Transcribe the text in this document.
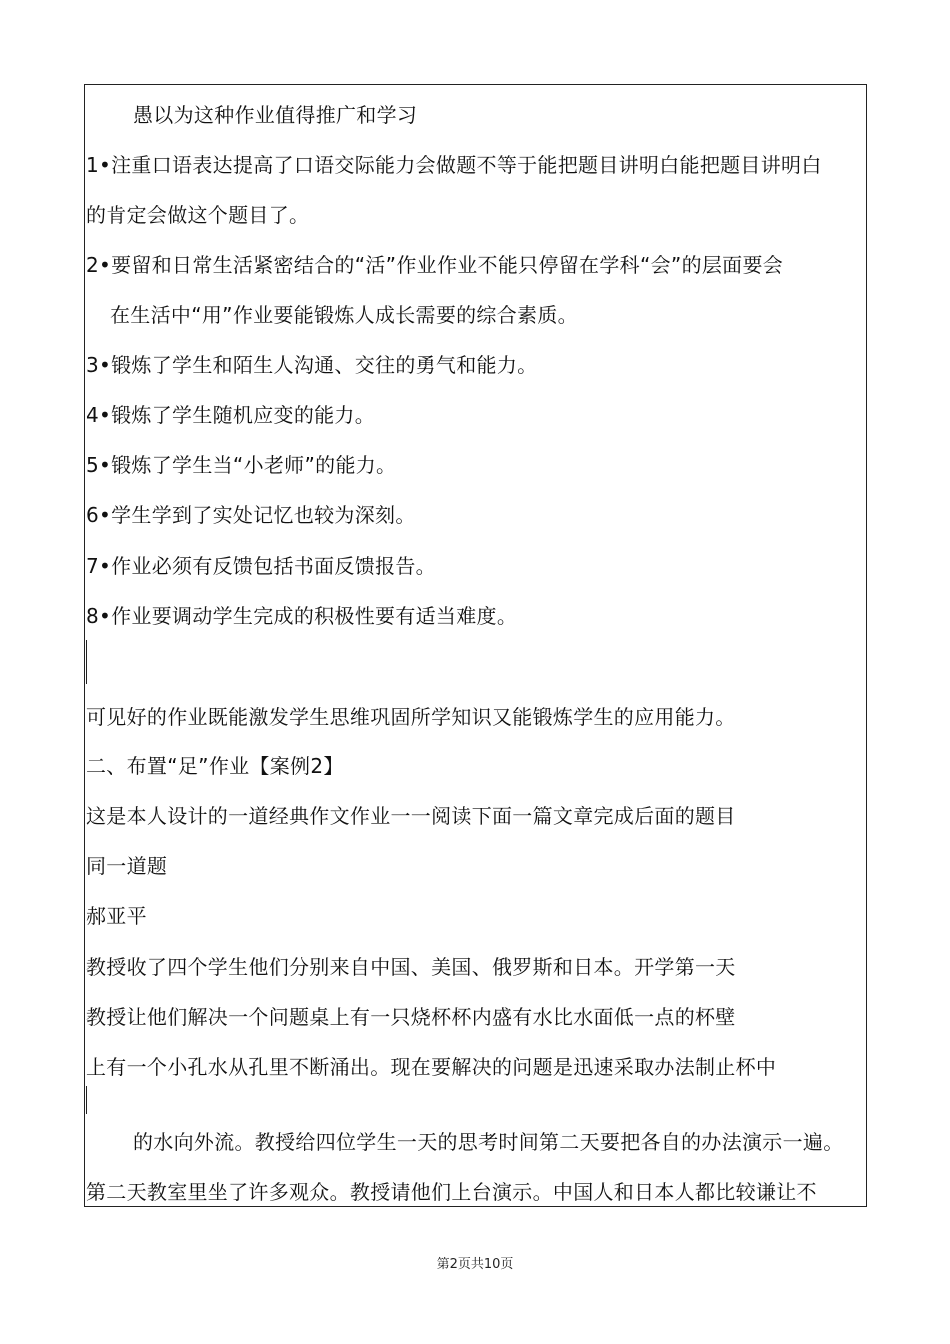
愚以为这种作业值得推广和学习
1•注重口语表达提高了口语交际能力会做题不等于能把题目讲明白能把题目讲明白
的肯定会做这个题目了。
2•要留和日常生活紧密结合的“活”作业作业不能只停留在学科“会”的层面要会
在生活中“用”作业要能锻炼人成长需要的综合素质。
3•锻炼了学生和陌生人沟通、交往的勇气和能力。
4•锻炼了学生随机应变的能力。
5•锻炼了学生当“小老师”的能力。
6•学生学到了实处记忆也较为深刻。
7•作业必须有反馈包括书面反馈报告。
8•作业要调动学生完成的积极性要有适当难度。
可见好的作业既能激发学生思维巩固所学知识又能锻炼学生的应用能力。
二、布置“足”作业【案例2】
这是本人设计的一道经典作文作业一一阅读下面一篇文章完成后面的题目
同一道题
郝亚平
教授收了四个学生他们分别来自中国、美国、俄罗斯和日本。开学第一天
教授让他们解决一个问题桌上有一只烧杯杯内盛有水比水面低一点的杯壁
上有一个小孔水从孔里不断涌出。现在要解决的问题是迅速采取办法制止杯中
的水向外流。教授给四位学生一天的思考时间第二天要把各自的办法演示一遍。
第二天教室里坐了许多观众。教授请他们上台演示。中国人和日本人都比较谦让不
第2页共10页
